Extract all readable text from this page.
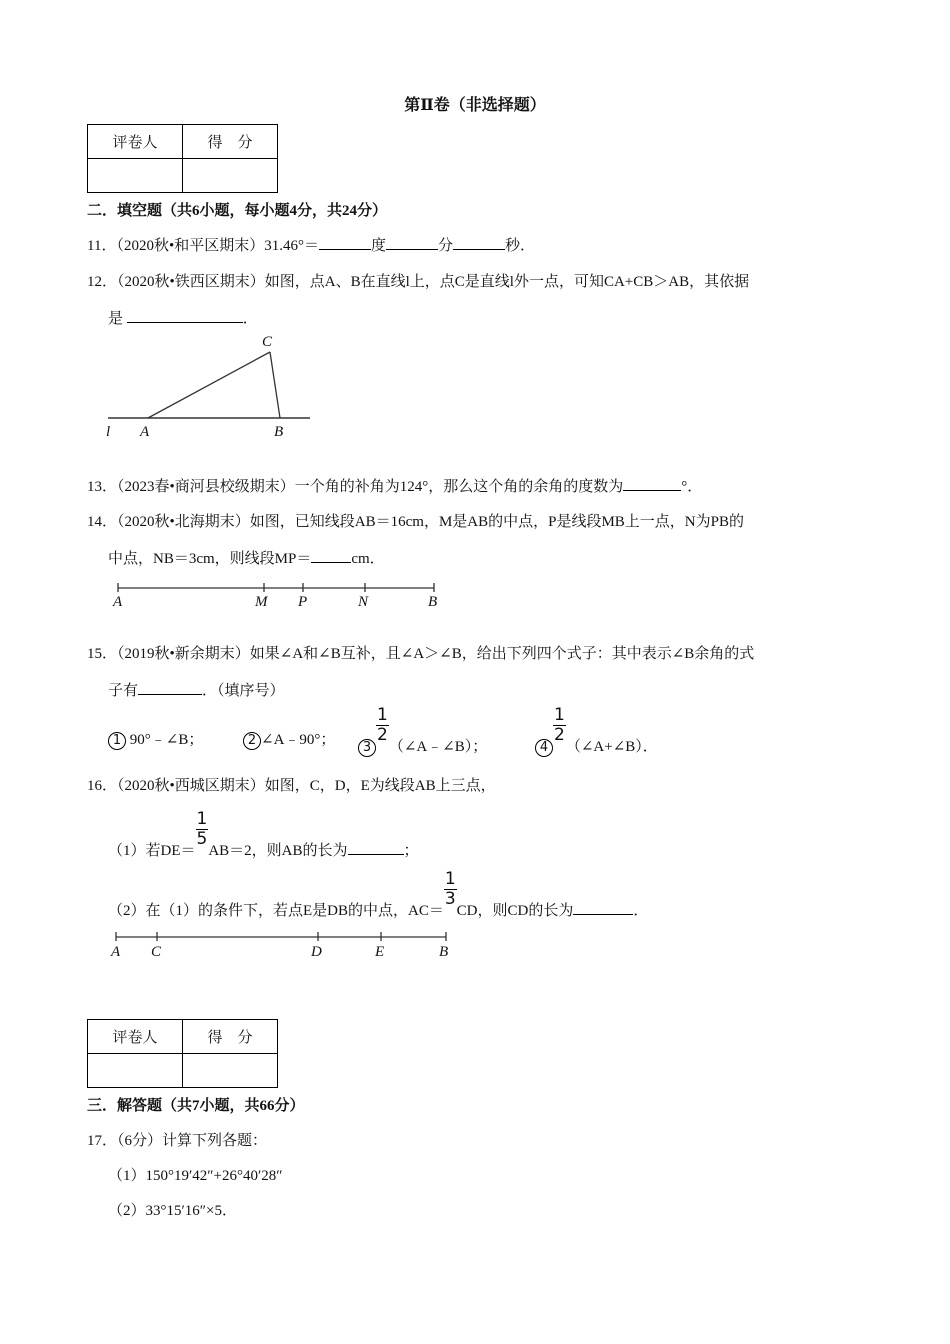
第Ⅱ卷（非选择题）
评卷人	得　分

二．填空题（共6小题，每小题4分，共24分）
11．（2020秋•和平区期末）31.46°＝	度	分	秒．
12．（2020秋•铁西区期末）如图，点A、B在直线l上，点C是直线l外一点，可知CA+CB＞AB，其依据
是	．
C
A	B
l
13．（2023春•商河县校级期末）一个角的补角为124°，那么这个角的余角的度数为	°．
14．（2020秋•北海期末）如图，已知线段AB＝16cm，M是AB的中点，P是线段MB上一点，N为PB的
中点，NB＝3cm，则线段MP＝	cm．
A	M P	N	B
15．（2019秋•新余期末）如果∠A和∠B互补，且∠A＞∠B，给出下列四个式子：其中表示∠B余角的式
子有	．（填序号）
1 90°﹣∠B；	2 ∠A﹣90°；	3
$\frac{1}{2}$
（∠A﹣∠B）；	4
$\frac{1}{2}$
（∠A+∠B）．
16．（2020秋•西城区期末）如图，C，D，E为线段AB上三点，
（1）若DE＝
$\frac{1}{5}$
AB＝2，则AB的长为	；
（2）在（1）的条件下，若点E是DB的中点，AC＝
$\frac{1}{3}$
CD，则CD的长为	．
A C	D	E	B
评卷人	得　分

三．解答题（共7小题，共66分）
17．（6分）计算下列各题：
（1）150°19′42″+26°40′28″
（2）33°15′16″×5．
